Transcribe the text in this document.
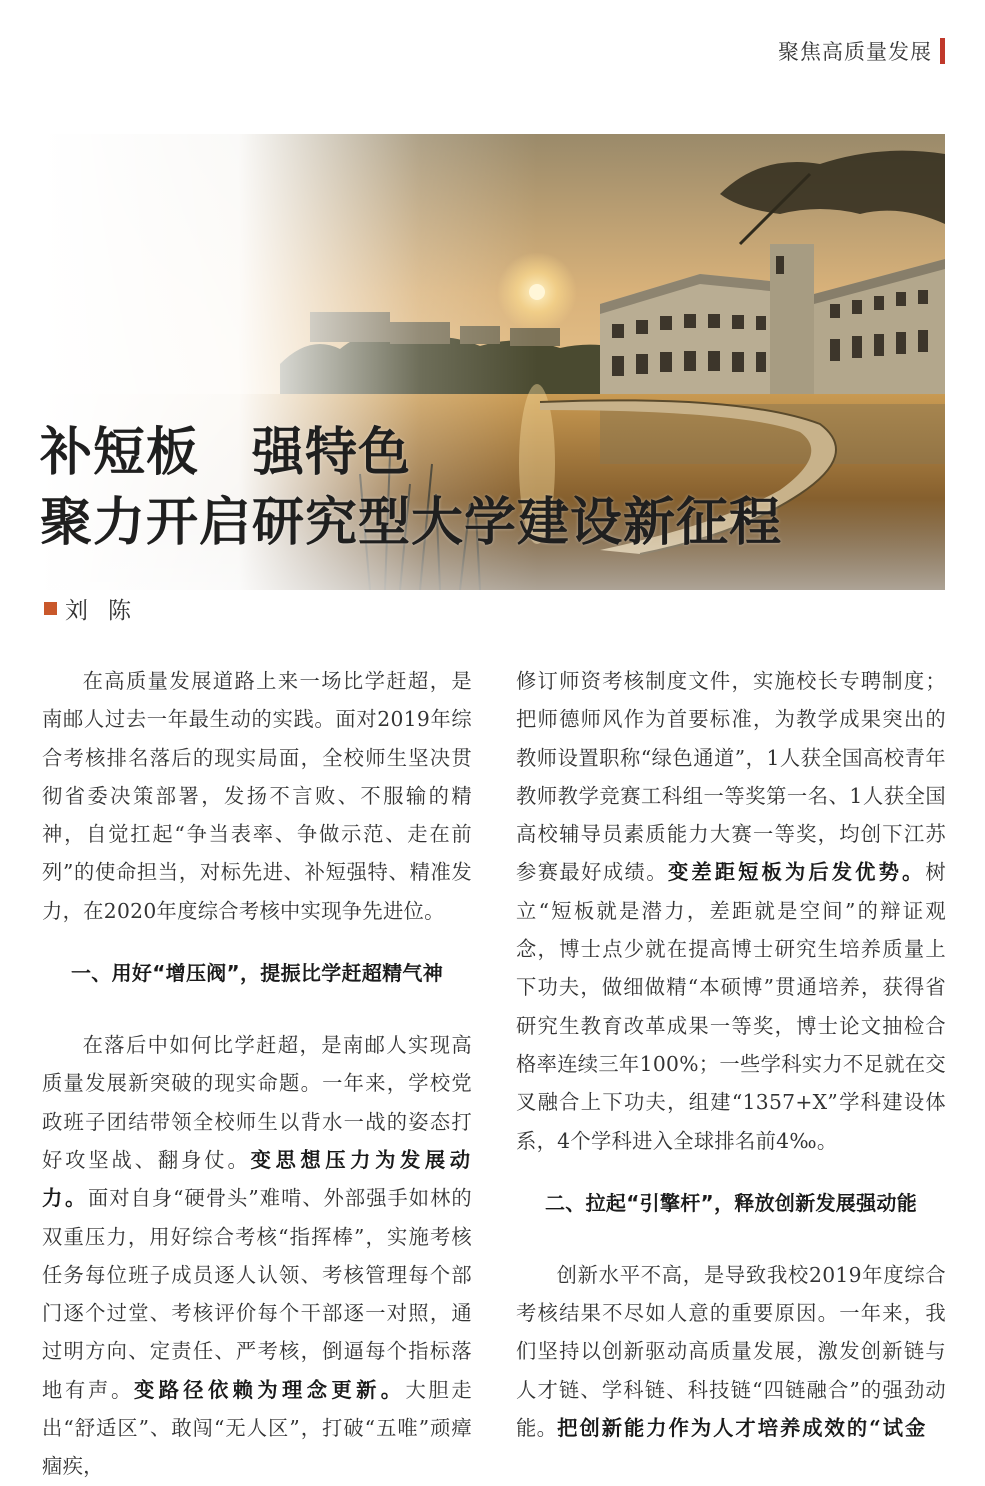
聚焦高质量发展
补短板　强特色
聚力开启研究型大学建设新征程
刘陈

在高质量发展道路上来一场比学赶超，是南邮人过去一年最生动的实践。面对2019年综合考核排名落后的现实局面，全校师生坚决贯彻省委决策部署，发扬不言败、不服输的精神，自觉扛起“争当表率、争做示范、走在前列”的使命担当，对标先进、补短强特、精准发力，在2020年度综合考核中实现争先进位。

一、用好“增压阀”，提振比学赶超精气神

在落后中如何比学赶超，是南邮人实现高质量发展新突破的现实命题。一年来，学校党政班子团结带领全校师生以背水一战的姿态打好攻坚战、翻身仗。变思想压力为发展动力。面对自身“硬骨头”难啃、外部强手如林的双重压力，用好综合考核“指挥棒”，实施考核任务每位班子成员逐人认领、考核管理每个部门逐个过堂、考核评价每个干部逐一对照，通过明方向、定责任、严考核，倒逼每个指标落地有声。变路径依赖为理念更新。大胆走出“舒适区”、敢闯“无人区”，打破“五唯”顽瘴痼疾，

修订师资考核制度文件，实施校长专聘制度；把师德师风作为首要标准，为教学成果突出的教师设置职称“绿色通道”，1人获全国高校青年教师教学竞赛工科组一等奖第一名、1人获全国高校辅导员素质能力大赛一等奖，均创下江苏参赛最好成绩。变差距短板为后发优势。树立“短板就是潜力，差距就是空间”的辩证观念，博士点少就在提高博士研究生培养质量上下功夫，做细做精“本硕博”贯通培养，获得省研究生教育改革成果一等奖，博士论文抽检合格率连续三年100%；一些学科实力不足就在交叉融合上下功夫，组建“1357+X”学科建设体系，4个学科进入全球排名前4‰。

二、拉起“引擎杆”，释放创新发展强动能

创新水平不高，是导致我校2019年度综合考核结果不尽如人意的重要原因。一年来，我们坚持以创新驱动高质量发展，激发创新链与人才链、学科链、科技链“四链融合”的强劲动能。把创新能力作为人才培养成效的“试金
